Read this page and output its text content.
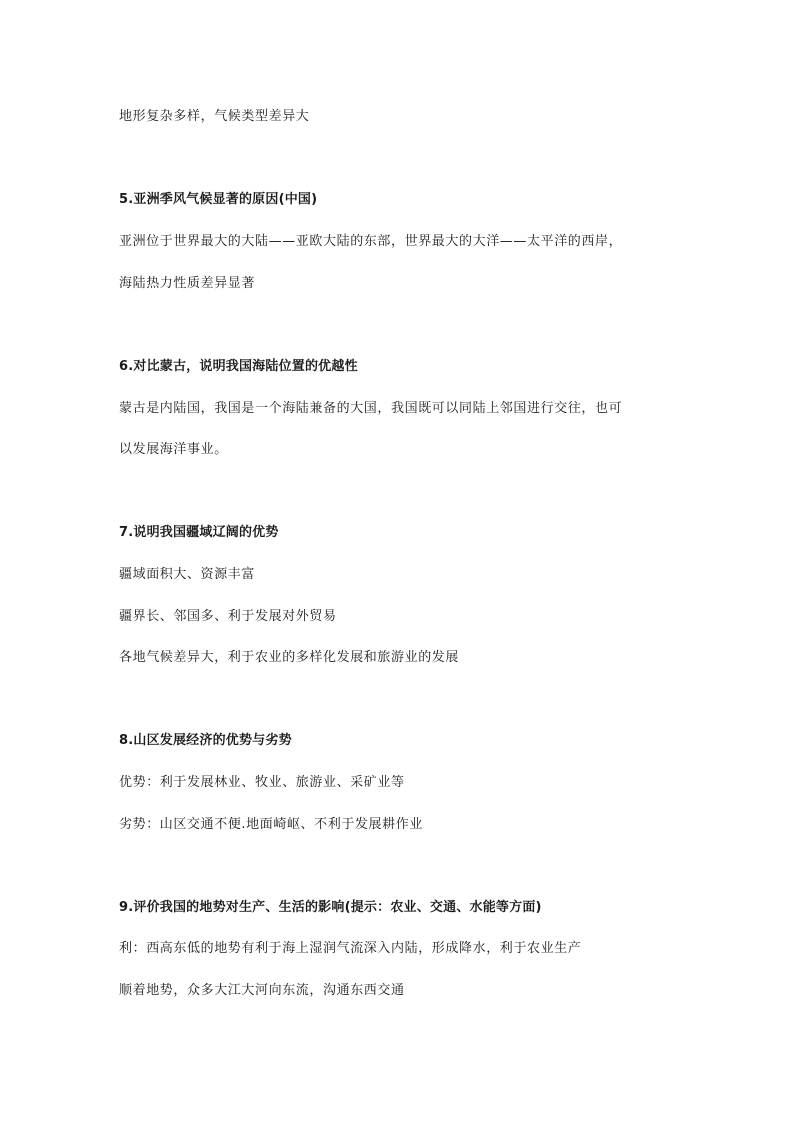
地形复杂多样，气候类型差异大
5.亚洲季风气候显著的原因(中国)
亚洲位于世界最大的大陆——亚欧大陆的东部，世界最大的大洋——太平洋的西岸，
海陆热力性质差异显著
6.对比蒙古，说明我国海陆位置的优越性
蒙古是内陆国，我国是一个海陆兼备的大国，我国既可以同陆上邻国进行交往，也可
以发展海洋事业。
7.说明我国疆域辽阔的优势
疆域面积大、资源丰富
疆界长、邻国多、利于发展对外贸易
各地气候差异大，利于农业的多样化发展和旅游业的发展
8.山区发展经济的优势与劣势
优势：利于发展林业、牧业、旅游业、采矿业等
劣势：山区交通不便.地面崎岖、不利于发展耕作业
9.评价我国的地势对生产、生活的影响(提示：农业、交通、水能等方面)
利：西高东低的地势有利于海上湿润气流深入内陆，形成降水，利于农业生产
顺着地势，众多大江大河向东流，沟通东西交通
